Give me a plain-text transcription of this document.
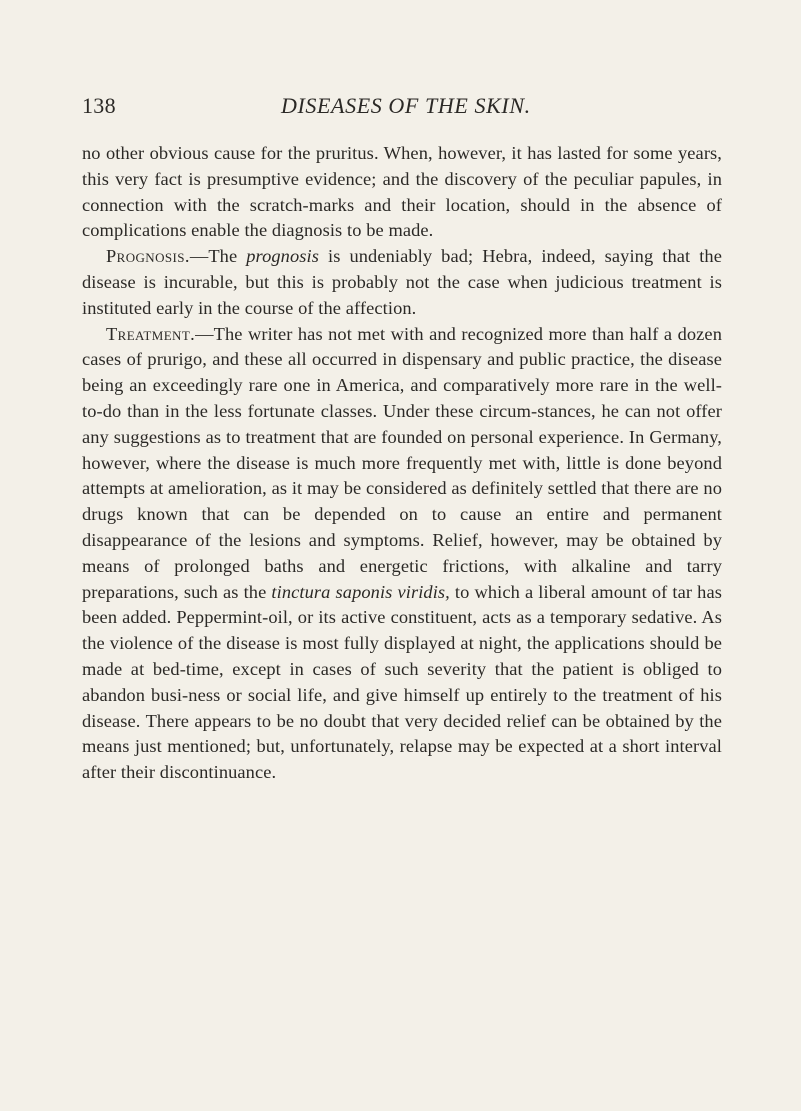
138	DISEASES OF THE SKIN.

no other obvious cause for the pruritus. When, however, it has lasted for some years, this very fact is presumptive evidence; and the discovery of the peculiar papules, in connection with the scratch-marks and their location, should in the absence of complications enable the diagnosis to be made.

Prognosis.—The prognosis is undeniably bad; Hebra, indeed, saying that the disease is incurable, but this is probably not the case when judicious treatment is instituted early in the course of the affection.

Treatment.—The writer has not met with and recognized more than half a dozen cases of prurigo, and these all occurred in dispensary and public practice, the disease being an exceedingly rare one in America, and comparatively more rare in the well-to-do than in the less fortunate classes. Under these circum-stances, he can not offer any suggestions as to treatment that are founded on personal experience. In Germany, however, where the disease is much more frequently met with, little is done beyond attempts at amelioration, as it may be considered as definitely settled that there are no drugs known that can be depended on to cause an entire and permanent disappearance of the lesions and symptoms. Relief, however, may be obtained by means of prolonged baths and energetic frictions, with alkaline and tarry preparations, such as the tinctura saponis viridis, to which a liberal amount of tar has been added. Peppermint-oil, or its active constituent, acts as a temporary sedative. As the violence of the disease is most fully displayed at night, the applications should be made at bed-time, except in cases of such severity that the patient is obliged to abandon busi-ness or social life, and give himself up entirely to the treatment of his disease. There appears to be no doubt that very decided relief can be obtained by the means just mentioned; but, unfortunately, relapse may be expected at a short interval after their discontinuance.
